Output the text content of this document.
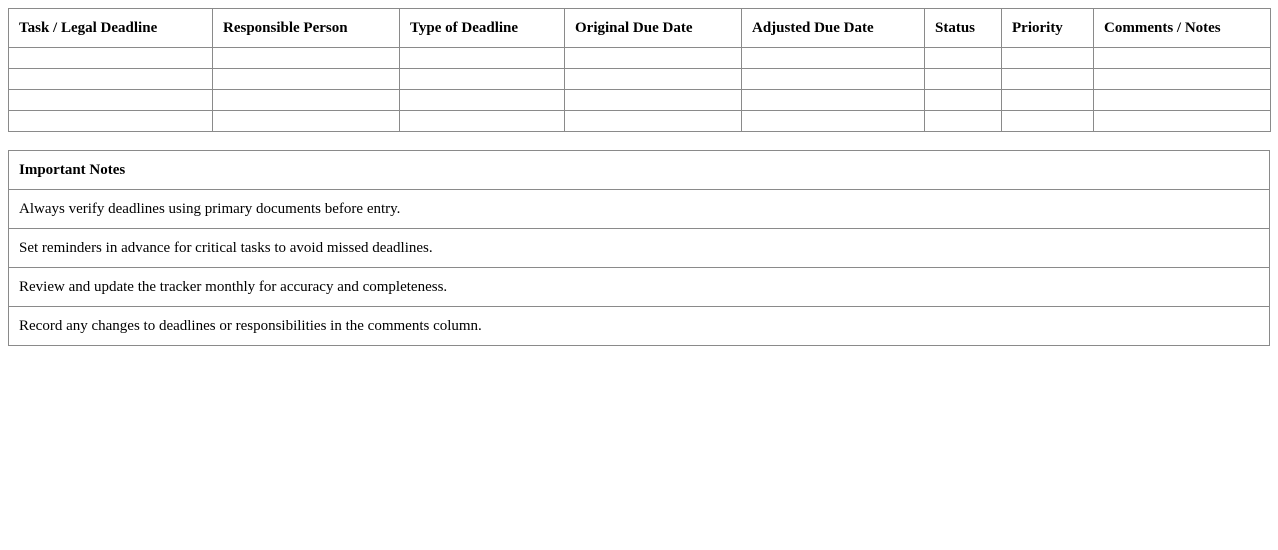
Task / Legal Deadline	Responsible Person	Type of Deadline	Original Due Date	Adjusted Due Date	Status	Priority	Comments / Notes

Important Notes
Always verify deadlines using primary documents before entry.
Set reminders in advance for critical tasks to avoid missed deadlines.
Review and update the tracker monthly for accuracy and completeness.
Record any changes to deadlines or responsibilities in the comments column.
